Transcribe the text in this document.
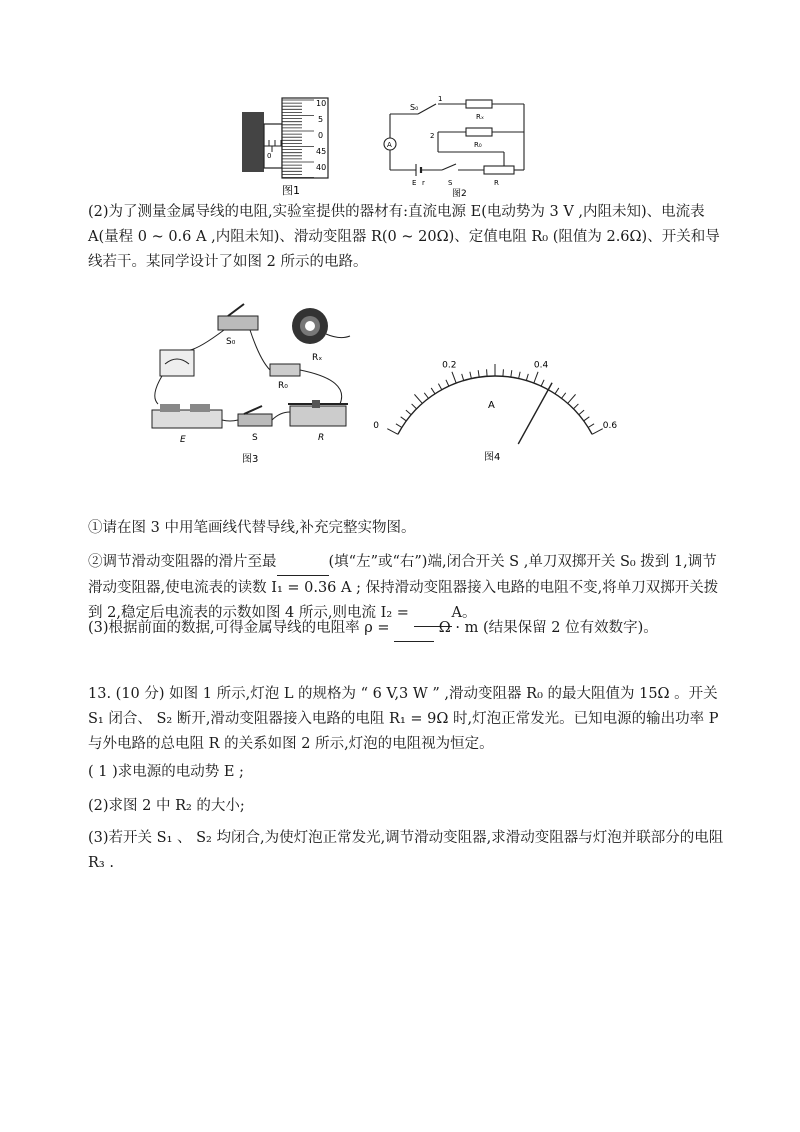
10
5
0
45
40
0
图1
A
S₀
1
2
Rₓ
R₀
E r	S	R
图2
(2)为了测量金属导线的电阻,实验室提供的器材有:直流电源 E(电动势为 3 V ,内阻未知)、电流表 A(量程 0 ~ 0.6 A ,内阻未知)、滑动变阻器 R(0 ~ 20Ω)、定值电阻 R₀ (阻值为 2.6Ω)、开关和导线若干。某同学设计了如图 2 所示的电路。
S₀
Rₓ
R₀
E	S	R
图3
0
0.2	0.4
0.6
A
图4
①请在图 3 中用笔画线代替导线,补充完整实物图。
②调节滑动变阻器的滑片至最	(填“左”或“右”)端,闭合开关 S ,单刀双掷开关 S₀ 拨到 1,调节滑动变阻器,使电流表的读数 I₁ = 0.36 A ; 保持滑动变阻器接入电路的电阻不变,将单刀双掷开关拨到 2,稳定后电流表的示数如图 4 所示,则电流 I₂ =	A。
(3)根据前面的数据,可得金属导线的电阻率 ρ =	Ω · m (结果保留 2 位有效数字)。
13. (10 分) 如图 1 所示,灯泡 L 的规格为 “ 6 V,3 W ” ,滑动变阻器 R₀ 的最大阻值为 15Ω 。开关 S₁ 闭合、 S₂ 断开,滑动变阻器接入电路的电阻 R₁ = 9Ω 时,灯泡正常发光。已知电源的输出功率 P 与外电路的总电阻 R 的关系如图 2 所示,灯泡的电阻视为恒定。
( 1 )求电源的电动势 E ;
(2)求图 2 中 R₂ 的大小;
(3)若开关 S₁ 、 S₂ 均闭合,为使灯泡正常发光,调节滑动变阻器,求滑动变阻器与灯泡并联部分的电阻 R₃ .
